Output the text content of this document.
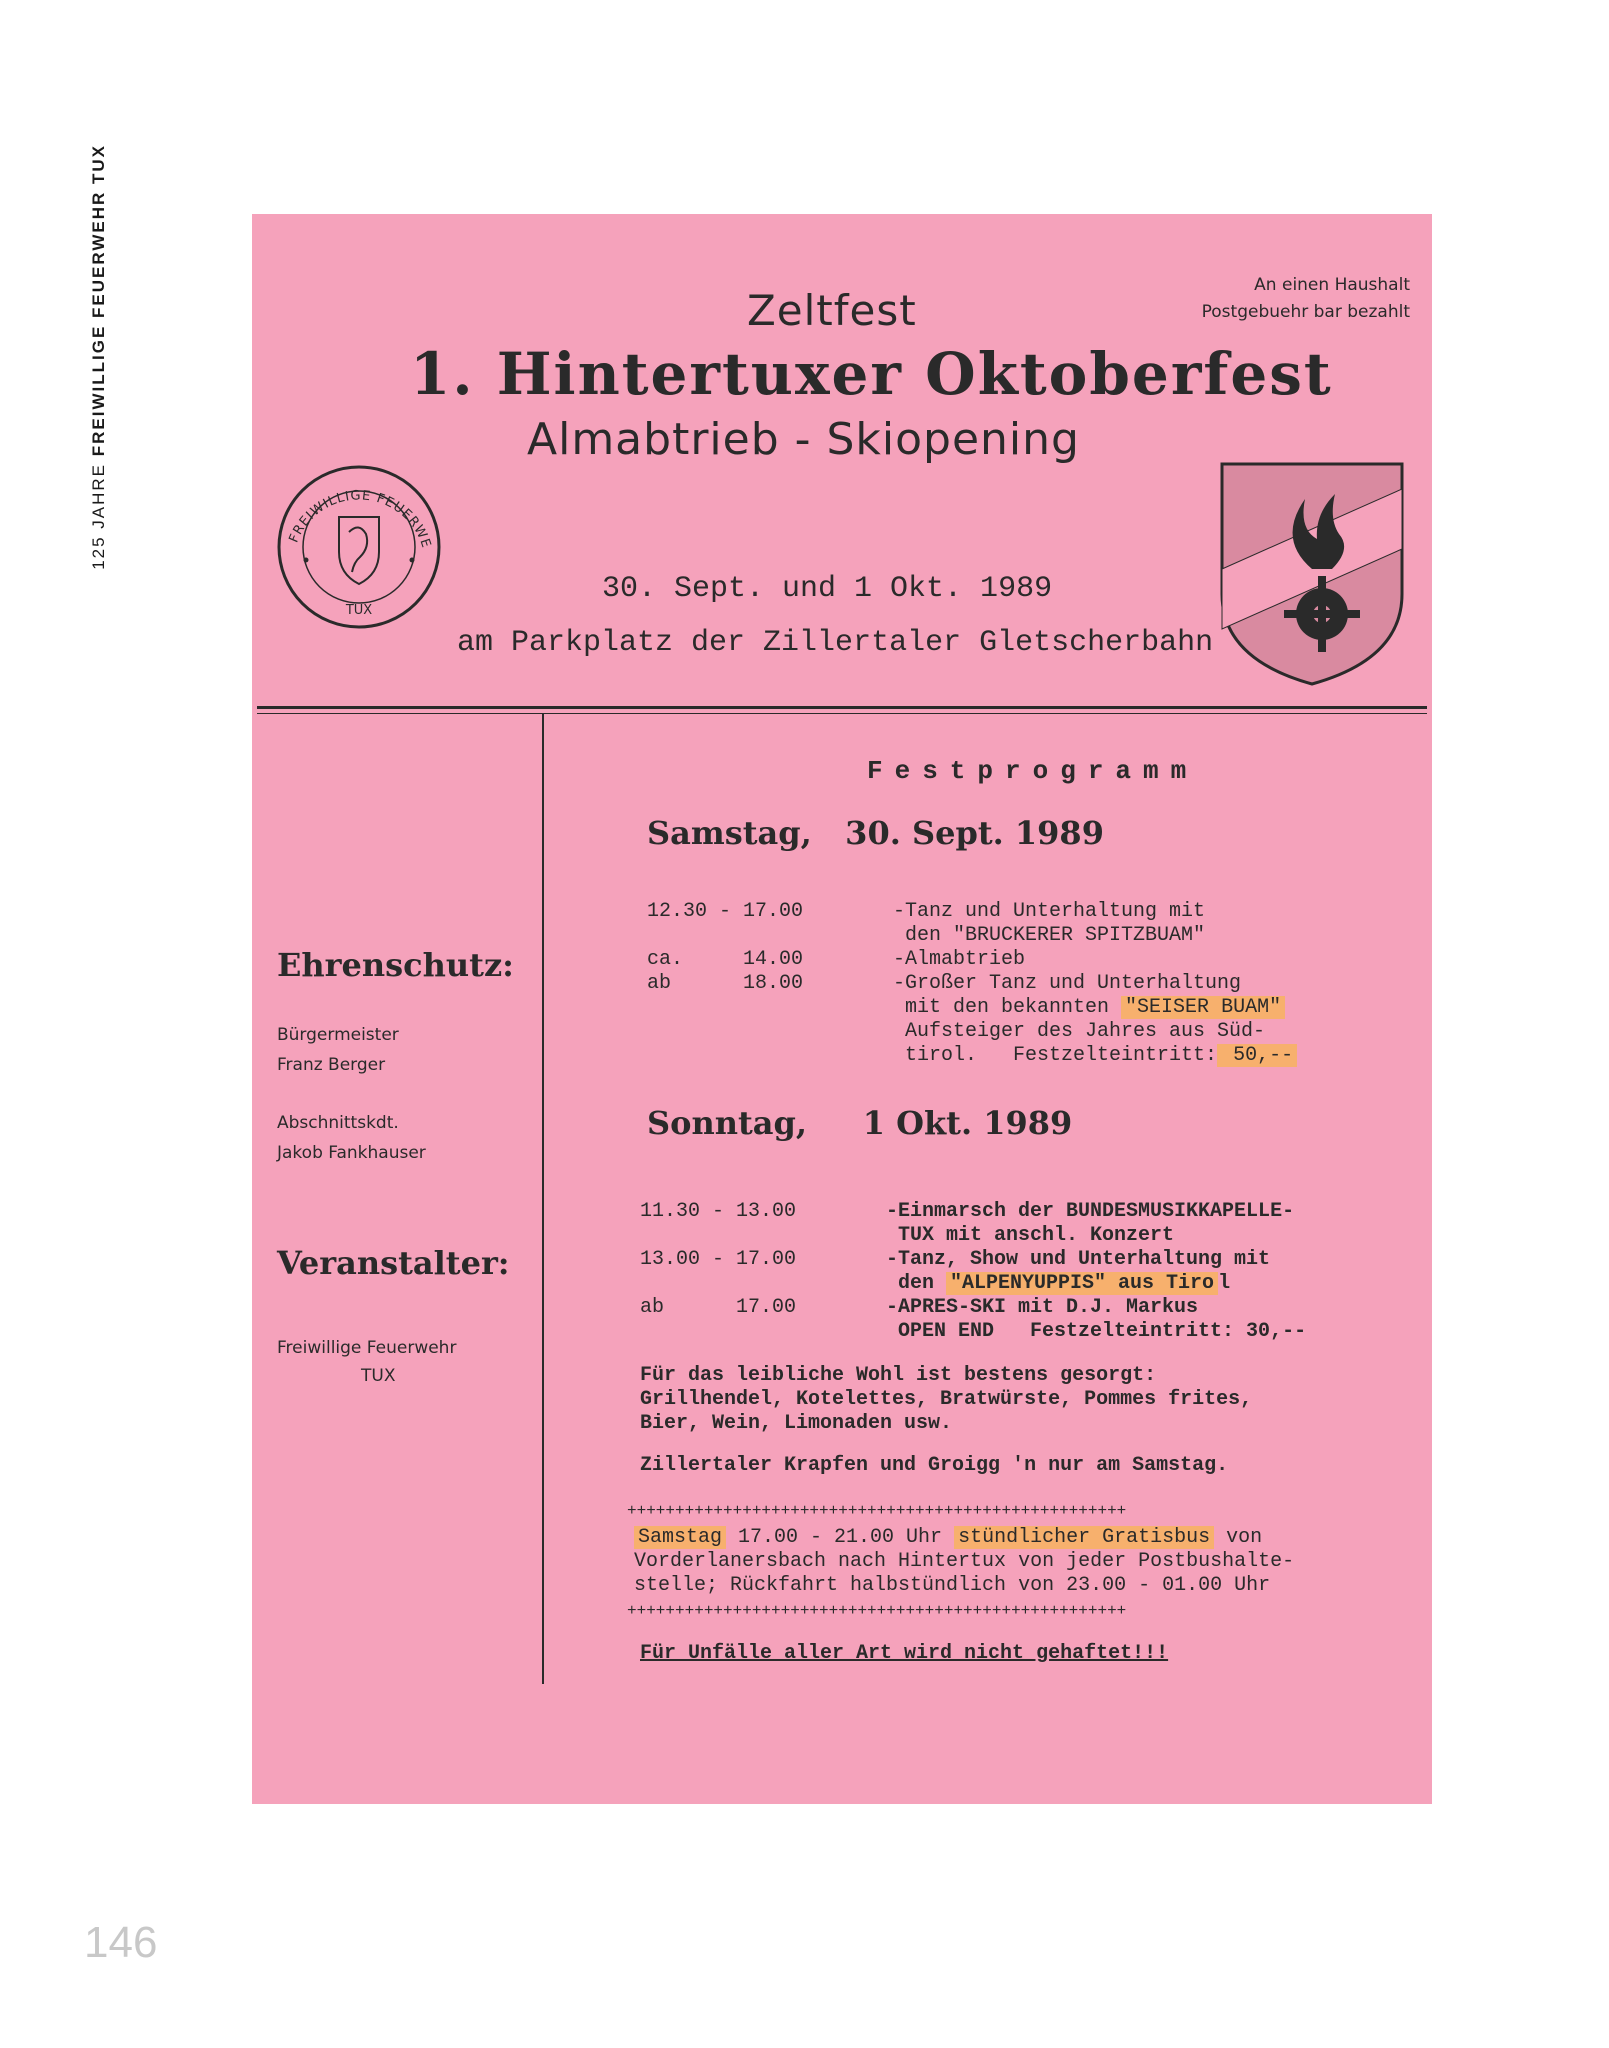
125 JAHRE FREIWILLIGE FEUERWEHR TUX
146
An einen Haushalt
Postgebuehr bar bezahlt
Zeltfest
1. Hintertuxer Oktoberfest
Almabtrieb - Skiopening
FREIWILLIGE FEUERWE
TUX
30. Sept. und 1 Okt. 1989
am Parkplatz der Zillertaler Gletscherbahn
Ehrenschutz:
Bürgermeister
Franz Berger
Abschnittskdt.
Jakob Fankhauser
Veranstalter:
Freiwillige Feuerwehr
TUX
Festprogramm
Samstag,   30. Sept. 1989
12.30 - 17.00	-Tanz und Unterhaltung mit
den "BRUCKERER SPITZBUAM"
ca.     14.00	-Almabtrieb
ab      18.00	-Großer Tanz und Unterhaltung
mit den bekannten "SEISER BUAM"
Aufsteiger des Jahres aus Süd-
tirol.   Festzelteintritt: 50,--
Sonntag,     1 Okt. 1989
11.30 - 13.00	-Einmarsch der BUNDESMUSIKKAPELLE-
TUX mit anschl. Konzert
13.00 - 17.00	-Tanz, Show und Unterhaltung mit
den "ALPENYUPPIS" aus Tiro l
ab      17.00	-APRES-SKI mit D.J. Markus
OPEN END   Festzelteintritt: 30,--
Für das leibliche Wohl ist bestens gesorgt:
Grillhendel, Kotelettes, Bratwürste, Pommes frites,
Bier, Wein, Limonaden usw.
Zillertaler Krapfen und Groigg 'n nur am Samstag.
++++++++++++++++++++++++++++++++++++++++++++++++++++
Samstag 17.00 - 21.00 Uhr stündlicher Gratisbus von
Vorderlanersbach nach Hintertux von jeder Postbushalte-
stelle; Rückfahrt halbstündlich von 23.00 - 01.00 Uhr
++++++++++++++++++++++++++++++++++++++++++++++++++++
Für Unfälle aller Art wird nicht gehaftet!!!
